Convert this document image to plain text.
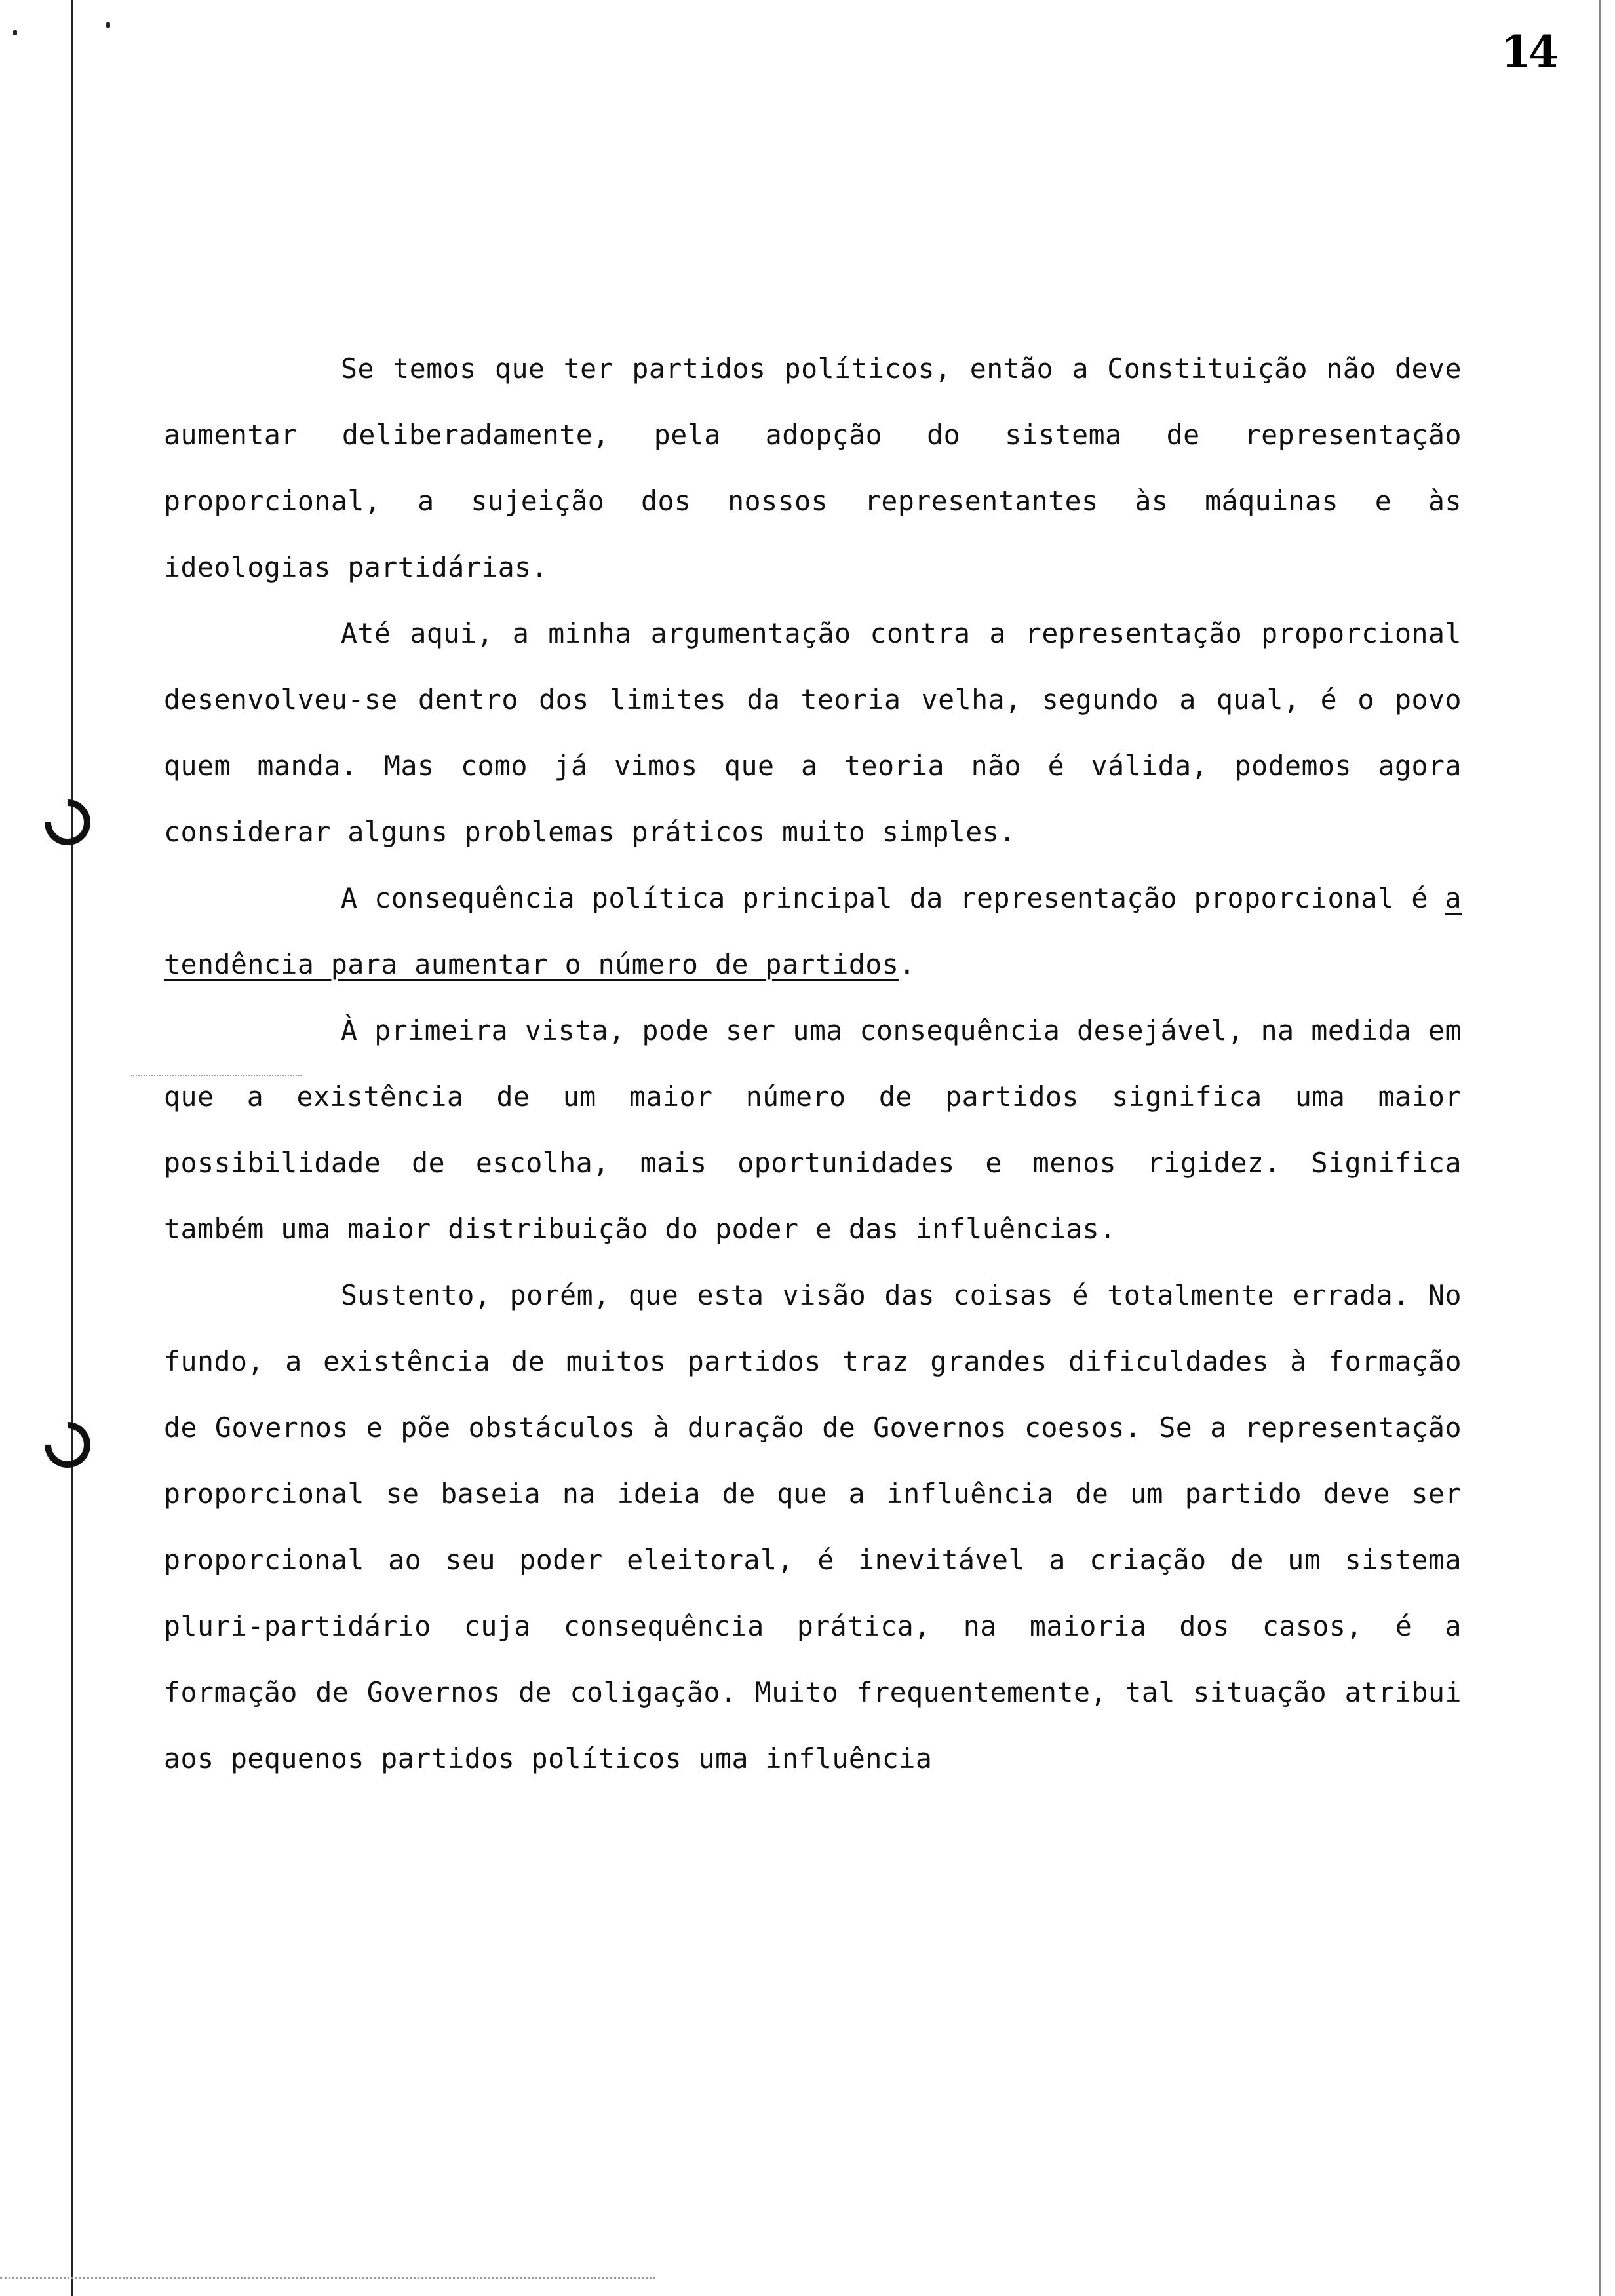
14

Se temos que ter partidos políticos, então a Constituição não deve aumentar deliberadamente, pela adopção do sistema de representação proporcional, a sujeição dos nossos representantes às máquinas e às ideologias partidárias.

Até aqui, a minha argumentação contra a representação proporcional desenvolveu-se dentro dos limites da teoria velha, segundo a qual, é o povo quem manda. Mas como já vimos que a teoria não é válida, podemos agora considerar alguns problemas práticos muito simples.

A consequência política principal da representação proporcional é a tendência para aumentar o número de partidos.

À primeira vista, pode ser uma consequência desejável, na medida em que a existência de um maior número de partidos significa uma maior possibilidade de escolha, mais oportunidades e menos rigidez. Significa também uma maior distribuição do poder e das influências.

Sustento, porém, que esta visão das coisas é totalmente errada. No fundo, a existência de muitos partidos traz grandes dificuldades à formação de Governos e põe obstáculos à duração de Governos coesos. Se a representação proporcional se baseia na ideia de que a influência de um partido deve ser proporcional ao seu poder eleitoral, é inevitável a criação de um sistema pluri-partidário cuja consequência prática, na maioria dos casos, é a formação de Governos de coligação. Muito frequentemente, tal situação atribui aos pequenos partidos políticos uma influência
